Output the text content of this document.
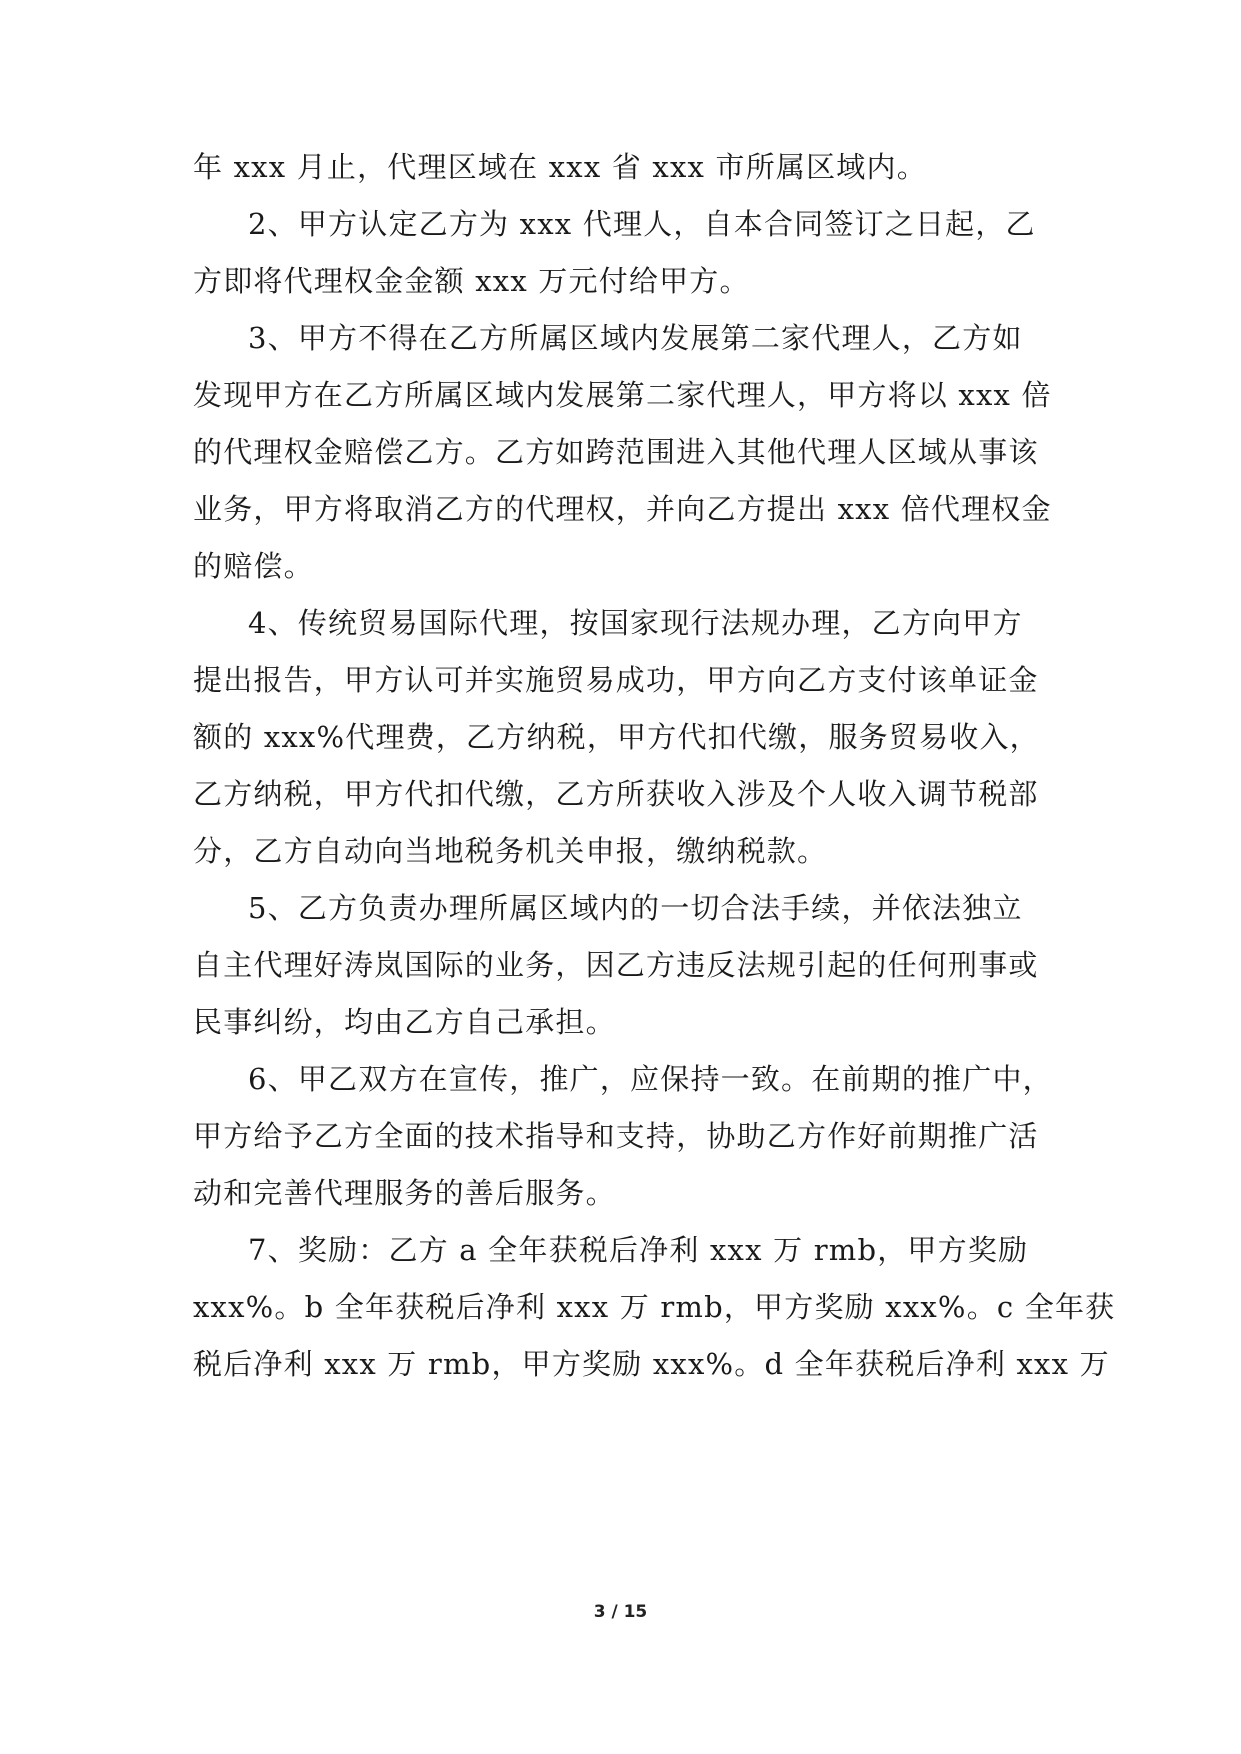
年 xxx 月止，代理区域在 xxx 省 xxx 市所属区域内。
2、甲方认定乙方为 xxx 代理人，自本合同签订之日起，乙
方即将代理权金金额 xxx 万元付给甲方。
3、甲方不得在乙方所属区域内发展第二家代理人，乙方如
发现甲方在乙方所属区域内发展第二家代理人，甲方将以 xxx 倍
的代理权金赔偿乙方。乙方如跨范围进入其他代理人区域从事该
业务，甲方将取消乙方的代理权，并向乙方提出 xxx 倍代理权金
的赔偿。
4、传统贸易国际代理，按国家现行法规办理，乙方向甲方
提出报告，甲方认可并实施贸易成功，甲方向乙方支付该单证金
额的 xxx%代理费，乙方纳税，甲方代扣代缴，服务贸易收入，
乙方纳税，甲方代扣代缴，乙方所获收入涉及个人收入调节税部
分，乙方自动向当地税务机关申报，缴纳税款。
5、乙方负责办理所属区域内的一切合法手续，并依法独立
自主代理好涛岚国际的业务，因乙方违反法规引起的任何刑事或
民事纠纷，均由乙方自己承担。
6、甲乙双方在宣传，推广，应保持一致。在前期的推广中，
甲方给予乙方全面的技术指导和支持，协助乙方作好前期推广活
动和完善代理服务的善后服务。
7、奖励：乙方 a 全年获税后净利 xxx 万 rmb，甲方奖励
xxx%。b 全年获税后净利 xxx 万 rmb，甲方奖励 xxx%。c 全年获
税后净利 xxx 万 rmb，甲方奖励 xxx%。d 全年获税后净利 xxx 万
3 / 15
